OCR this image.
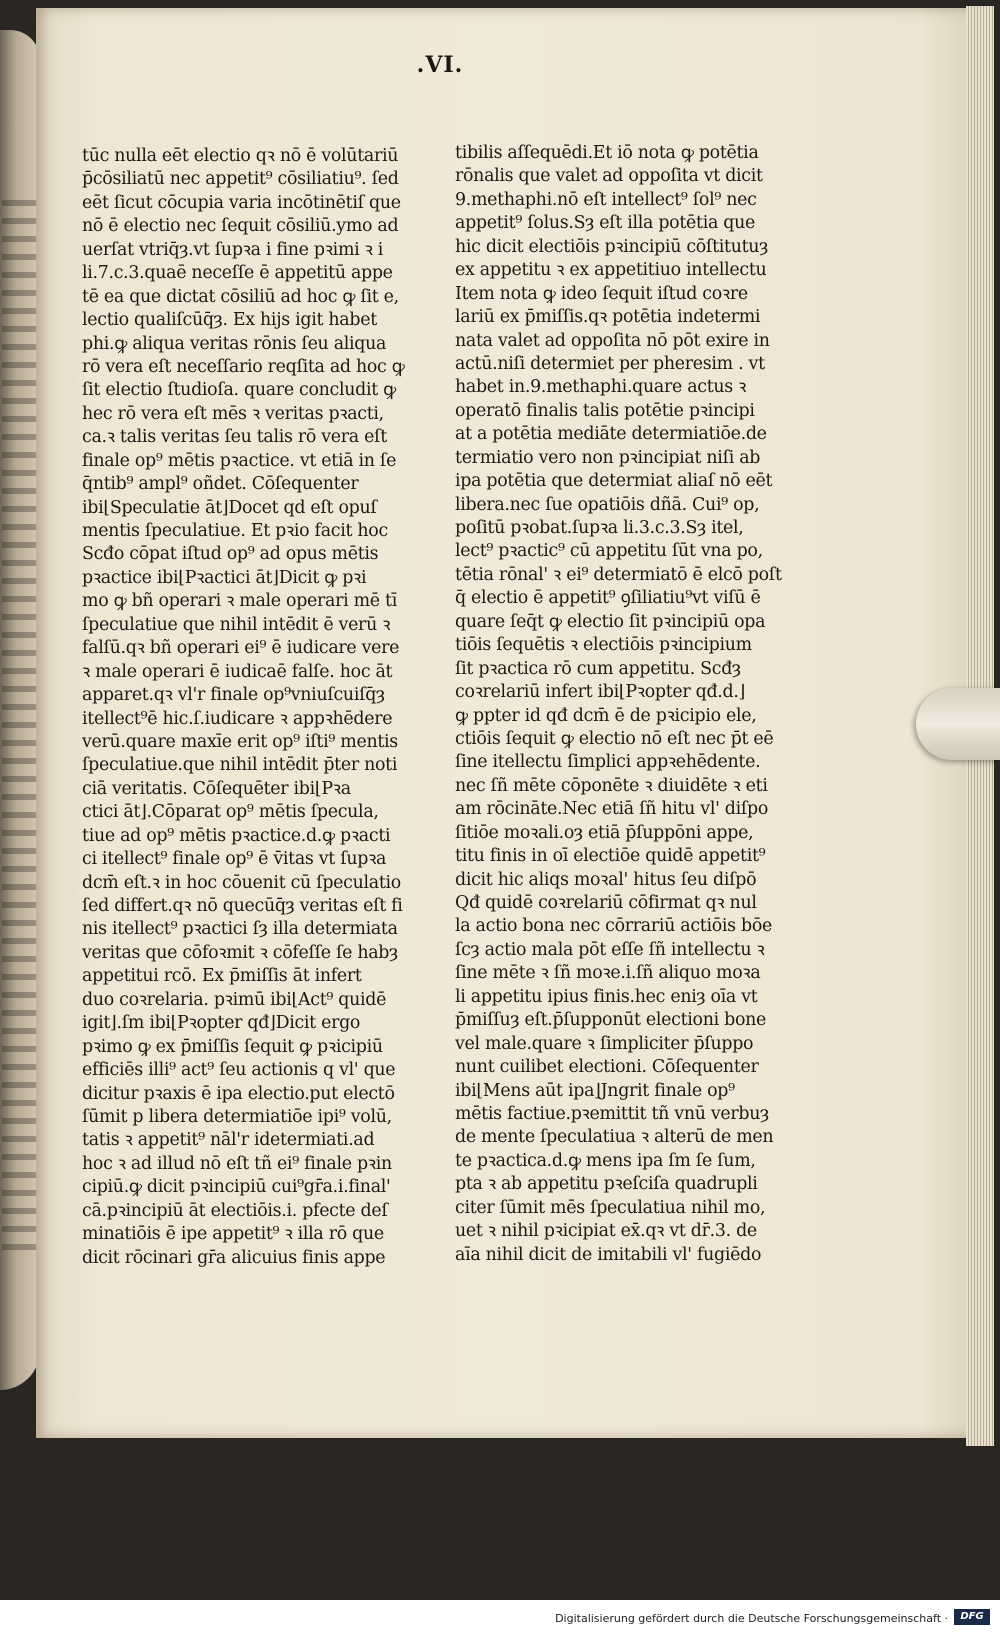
.VI.
tūc nulla eēt electio qꝛ nō ē volūtariū
p̄cōsiliatū nec appetit⁹ cōsiliatiu⁹. ſed
eēt ſicut cōcupia varia incōtinētiſ que
nō ē electio nec ſequit̄ cōsiliū.ymo ad
uerſat̄ vtriq̄ȝ.vt ſupꝛa i fine pꝛimi ꝛ i
li.7.c.3.quaē neceſſe ē appetitū appe
tē ea que dictat cōsiliū ad hoc ꝙ ſit e,
lectio qualiſcūq̄ȝ. Ex hijs igit̄ habet
phi.ꝙ aliqua veritas rōnis ſeu aliqua
rō vera eſt neceſſario reqſita ad hoc ꝙ
ſit electio ſtudioſa. quare concludit ꝙ
hec rō vera eſt mēs ꝛ veritas pꝛacti,
ca.ꝛ talis veritas ſeu talis rō vera eſt
finale op⁹ mētis pꝛactice. vt etiā in ſe
q̄ntib⁹ ampl⁹ oñdet̄. Cōſequenter
ibi⌊Speculatie āt⌋Docet qd eſt opuſ
mentis ſpeculatiue. Et pꝛio facit hoc
Scđo cōpat iſtud op⁹ ad opus mētis
pꝛactice ibi⌊Pꝛactici āt⌋Dicit ꝙ pꝛi
mo ꝙ bñ operari ꝛ male operari mē tī
ſpeculatiue que nihil intēdit ē verū ꝛ
falſū.qꝛ bñ operari ei⁹ ē iudicare vere
ꝛ male operari ē iudicaē falſe. hoc āt
apparet.qꝛ vl'r finale op⁹vniuſcuiſq̄ȝ
itellect⁹ē hic.ſ.iudicare ꝛ appꝛhēdere
verū.quare maxīe erit op⁹ iſti⁹ mentis
ſpeculatiue.que nihil intēdit p̄ter noti
ciā veritatis. Cōſequēter ibi⌊Pꝛa
ctici āt⌋.Cōparat op⁹ mētis ſpecula,
tiue ad op⁹ mētis pꝛactice.d.ꝙ pꝛacti
ci itellect⁹ finale op⁹ ē v̄itas vt ſupꝛa
dcm̄ eſt.ꝛ in hoc cōuenit cū ſpeculatio
ſed differt.qꝛ nō quecūq̄ȝ veritas eſt fi
nis itellect⁹ pꝛactici ſȝ illa determiata
veritas que cōfoꝛmit̄ ꝛ cōfeſſe ſe habȝ
appetitui rcō. Ex p̄miſſis āt infert
duo coꝛrelaria. pꝛimū ibi⌊Act⁹ quidē
igit̄⌋.ſm ibi⌊Pꝛopter qđ⌋Dicit ergo
pꝛimo ꝙ ex p̄miſſis ſequit̄ ꝙ pꝛicipiū
efficiēs illi⁹ act⁹ ſeu actionis q vl' que
dicitur pꝛaxis ē ipa electio.put electō
ſūmit̄ p libera determiatiōe ipi⁹ volū,
tatis ꝛ appetit⁹ nāl'r idetermiati.ad
hoc ꝛ ad illud nō eſt tñ ei⁹ finale pꝛin
cipiū.ꝙ dicit̄ pꝛincipiū cui⁹gr̄a.i.final'
cā.pꝛincipiū āt electiōis.i. pfecte deſ
minatiōis ē ipe appetit⁹ ꝛ illa rō que
dicit̄ rōcinari gr̄a alicuius finis appe
tibilis aſſequēdi.Et iō nota ꝙ potētia
rōnalis que valet ad oppoſita vt dicit̄
9.methaphi.nō eſt intellect⁹ ſol⁹ nec
appetit⁹ ſolus.Sȝ eſt illa potētia que
hic dicit̄ electiōis pꝛincipiū cōſtitutuȝ
ex appetitu ꝛ ex appetitiuo intellectu
Item nota ꝙ ideo ſequit̄ iſtud coꝛre
lariū ex p̄miſſis.qꝛ potētia indetermi
nata valet̄ ad oppoſita nō pōt exire in
actū.niſi determiet̄ per pheresim . vt
habet̄ in.9.methaphi.quare actus ꝛ
operatō finalis talis potētie pꝛincipi
at̄ a potētia mediāte determiatiōe.de
termiatio vero non pꝛincipiat̄ niſi ab
ipa potētia que determiat̄ aliaſ nō eēt
libera.nec ſue opatiōis dñā. Cui⁹ op,
poſitū pꝛobat̄.ſupꝛa li.3.c.3.Sȝ itel,
lect⁹ pꝛactic⁹ cū appetitu ſūt vna po,
tētia rōnal' ꝛ ei⁹ determiatō ē elcō poſt
q̄ electio ē appetit⁹ ꝯſiliatiu⁹vt viſū ē
quare ſeq̄t̄ ꝙ electio ſit pꝛincipiū opa
tiōis ſequētis ꝛ electiōis pꝛincipium
ſit pꝛactica rō cum appetitu. Scđȝ
coꝛrelariū infert ibi⌊Pꝛopter qđ.d.⌋
ꝙ ppter id qđ dcm̄ ē de pꝛicipio ele,
ctiōis ſequit̄ ꝙ electio nō eſt nec p̄t eē
ſine itellectu ſimplici appꝛehēdente.
nec ſñ mēte cōponēte ꝛ diuidēte ꝛ eti
am rōcināte.Nec etiā ſñ hitu vl' diſpo
ſitiōe moꝛali.oȝ etiā p̄ſuppōni appe,
titu finis in oī electiōe quidē appetit⁹
dicit̄ hic aliqs moꝛal' hitus ſeu diſpō
Qđ quidē coꝛrelariū cōfirmat̄ qꝛ nul
la actio bona nec cōrrariū actiōis bōe
ſcȝ actio mala pōt eſſe ſñ intellectu ꝛ
ſine mēte ꝛ ſñ moꝛe.i.ſñ aliquo moꝛa
li appetitu ipius finis.hec eniȝ oīa vt
p̄miſſuȝ eſt.p̄ſupponūt̄ electioni bone
vel male.quare ꝛ ſimpliciter p̄ſuppo
nunt̄ cuilibet electioni. Cōſequenter
ibi⌊Mens aūt ipa⌋Jngrit finale op⁹
mētis factiue.pꝛemittit tñ vnū verbuȝ
de mente ſpeculatiua ꝛ alterū de men
te pꝛactica.d.ꝙ mens ipa ſm ſe ſum,
pta ꝛ ab appetitu pꝛeſciſa quadrupli
citer ſūmit̄ mēs ſpeculatiua nihil mo,
uet ꝛ nihil pꝛicipiat̄ ex̄.qꝛ vt dr̄.3. de
aīa nihil dicit de imitabili vl' fugiēdo
Digitalisierung gefördert durch die Deutsche Forschungsgemeinschaft ·	DFG
